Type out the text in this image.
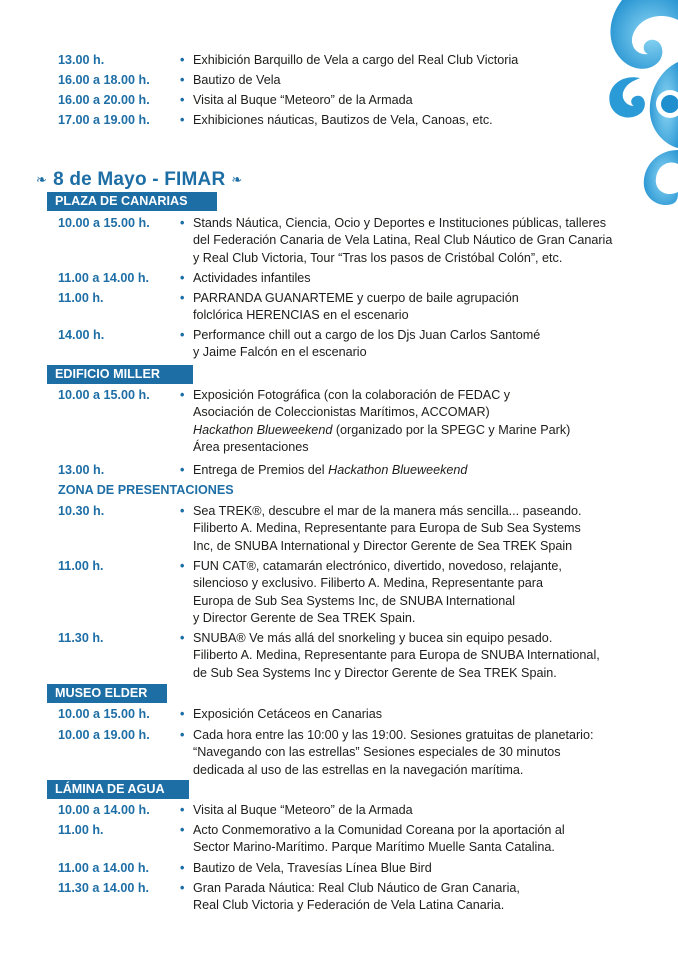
13.00 h.	• Exhibición Barquillo de Vela a cargo del Real Club Victoria
16.00 a 18.00 h.	• Bautizo de Vela
16.00 a 20.00 h.	• Visita al Buque “Meteoro” de la Armada
17.00 a 19.00 h.	• Exhibiciones náuticas, Bautizos de Vela, Canoas, etc.
❧ 8 de Mayo - FIMAR ❧
PLAZA DE CANARIAS
10.00 a 15.00 h.	• Stands Náutica, Ciencia, Ocio y Deportes e Instituciones públicas, talleres
del Federación Canaria de Vela Latina, Real Club Náutico de Gran Canaria
y Real Club Victoria, Tour “Tras los pasos de Cristóbal Colón”, etc.
11.00 a 14.00 h.	• Actividades infantiles
11.00 h.	• PARRANDA GUANARTEME y cuerpo de baile agrupación
folclórica HERENCIAS en el escenario
14.00 h.	• Performance chill out a cargo de los Djs Juan Carlos Santomé
y Jaime Falcón en el escenario
EDIFICIO MILLER
10.00 a 15.00 h.	• Exposición Fotográfica (con la colaboración de FEDAC y
Asociación de Coleccionistas Marítimos, ACCOMAR)
Hackathon Blueweekend (organizado por la SPEGC y Marine Park)
Área presentaciones
13.00 h.	• Entrega de Premios del Hackathon Blueweekend
ZONA DE PRESENTACIONES
10.30 h.	• Sea TREK®, descubre el mar de la manera más sencilla... paseando.
Filiberto A. Medina, Representante para Europa de Sub Sea Systems
Inc, de SNUBA International y Director Gerente de Sea TREK Spain
11.00 h.	• FUN CAT®, catamarán electrónico, divertido, novedoso, relajante,
silencioso y exclusivo. Filiberto A. Medina, Representante para
Europa de Sub Sea Systems Inc, de SNUBA International
y Director Gerente de Sea TREK Spain.
11.30 h.	• SNUBA® Ve más allá del snorkeling y bucea sin equipo pesado.
Filiberto A. Medina, Representante para Europa de SNUBA International,
de Sub Sea Systems Inc y Director Gerente de Sea TREK Spain.
MUSEO ELDER
10.00 a 15.00 h.	• Exposición Cetáceos en Canarias
10.00 a 19.00 h.	• Cada hora entre las 10:00 y las 19:00. Sesiones gratuitas de planetario:
“Navegando con las estrellas” Sesiones especiales de 30 minutos
dedicada al uso de las estrellas en la navegación marítima.
LÁMINA DE AGUA
10.00 a 14.00 h.	• Visita al Buque “Meteoro” de la Armada
11.00 h.	• Acto Conmemorativo a la Comunidad Coreana por la aportación al
Sector Marino-Marítimo. Parque Marítimo Muelle Santa Catalina.
11.00 a 14.00 h.	• Bautizo de Vela, Travesías Línea Blue Bird
11.30 a 14.00 h.	• Gran Parada Náutica: Real Club Náutico de Gran Canaria,
Real Club Victoria y Federación de Vela Latina Canaria.
